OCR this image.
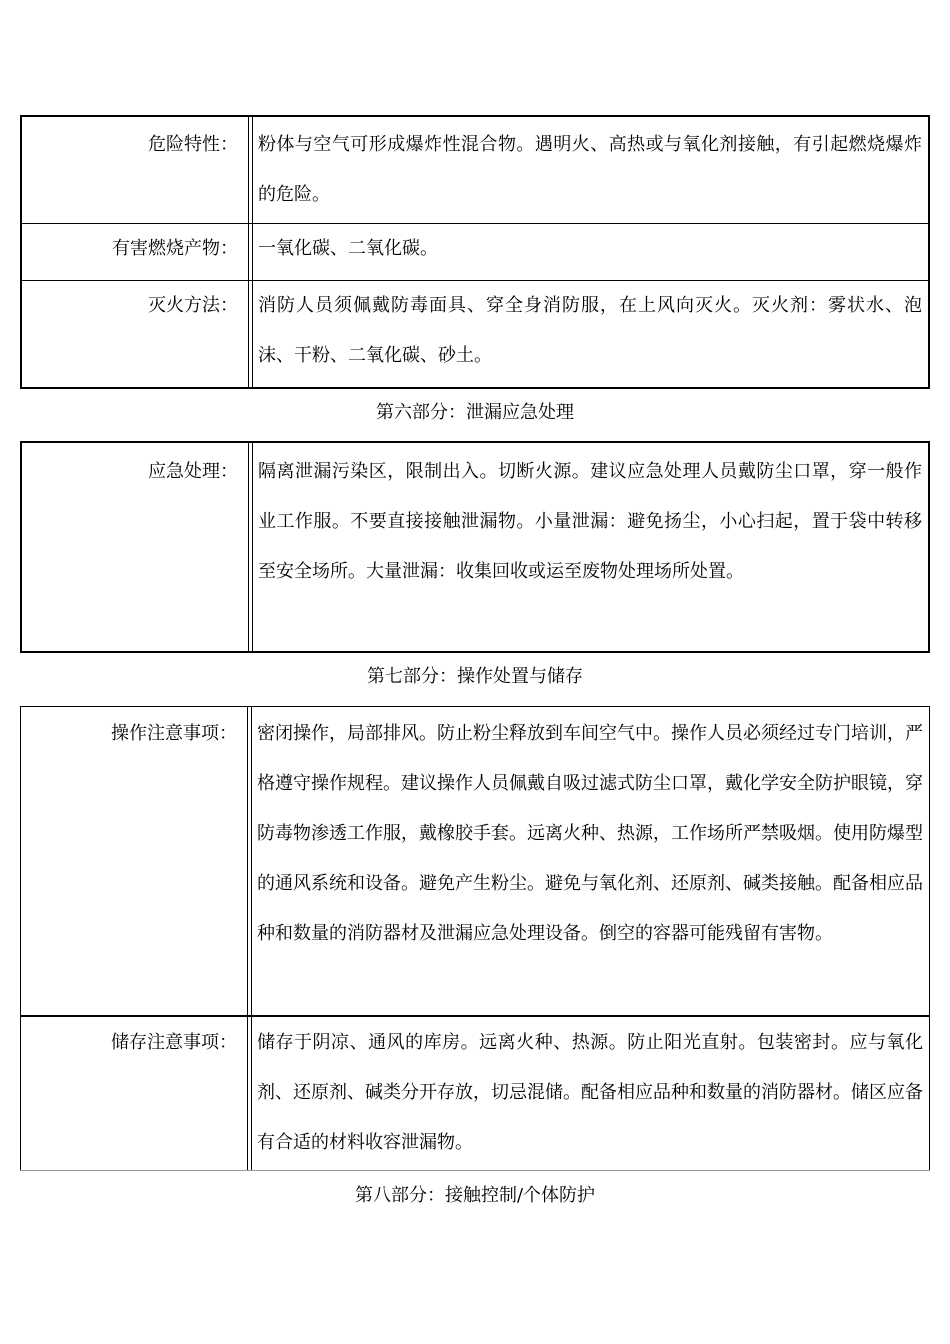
危险特性：	粉体与空气可形成爆炸性混合物。遇明火、高热或与氧化剂接触，有引起燃烧爆炸的危险。
有害燃烧产物：	一氧化碳、二氧化碳。
灭火方法：	消防人员须佩戴防毒面具、穿全身消防服，在上风向灭火。灭火剂：雾状水、泡沫、干粉、二氧化碳、砂土。
第六部分：泄漏应急处理
应急处理：	隔离泄漏污染区，限制出入。切断火源。建议应急处理人员戴防尘口罩，穿一般作业工作服。不要直接接触泄漏物。小量泄漏：避免扬尘，小心扫起，置于袋中转移至安全场所。大量泄漏：收集回收或运至废物处理场所处置。
第七部分：操作处置与储存
操作注意事项：	密闭操作，局部排风。防止粉尘释放到车间空气中。操作人员必须经过专门培训，严格遵守操作规程。建议操作人员佩戴自吸过滤式防尘口罩，戴化学安全防护眼镜，穿防毒物渗透工作服，戴橡胶手套。远离火种、热源，工作场所严禁吸烟。使用防爆型的通风系统和设备。避免产生粉尘。避免与氧化剂、还原剂、碱类接触。配备相应品种和数量的消防器材及泄漏应急处理设备。倒空的容器可能残留有害物。
储存注意事项：	储存于阴凉、通风的库房。远离火种、热源。防止阳光直射。包装密封。应与氧化剂、还原剂、碱类分开存放，切忌混储。配备相应品种和数量的消防器材。储区应备有合适的材料收容泄漏物。
第八部分：接触控制/个体防护
